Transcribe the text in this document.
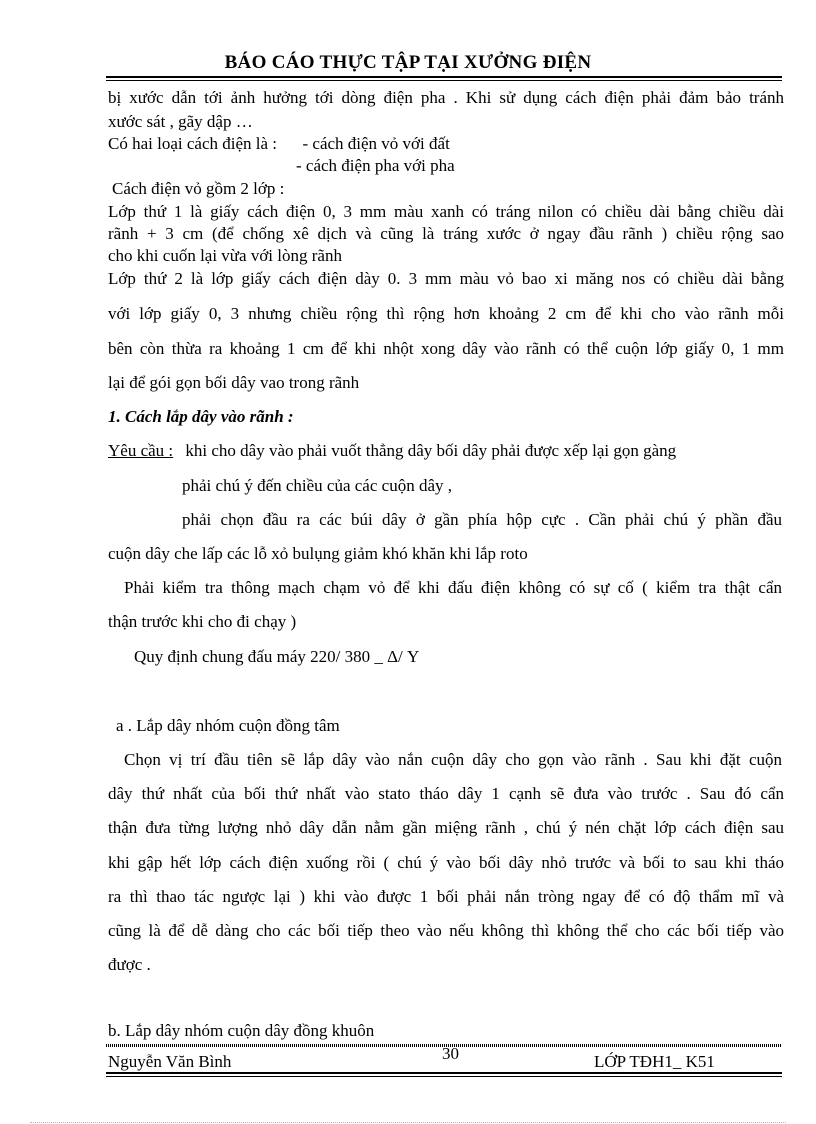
BÁO CÁO THỰC TẬP TẠI XƯỞNG ĐIỆN
bị xước dẫn tới ảnh hưởng tới dòng điện pha . Khi sử dụng cách điện phải đảm bảo tránh
xước sát , gãy dập …
Có hai loại cách điện là :      - cách điện vỏ với đất
- cách điện pha với pha
Cách điện vỏ gồm 2 lớp :
Lớp thứ 1 là giấy cách điện 0, 3 mm màu xanh có tráng nilon có chiều dài bằng chiều dài
rãnh + 3 cm (để chống xê dịch và cũng là tráng xước ở ngay đầu rãnh ) chiều rộng sao
cho khi cuốn lại vừa với lòng rãnh
Lớp thứ 2 là lớp giấy cách điện dày 0. 3 mm màu vỏ bao xi măng nos có chiều dài bằng
với lớp giấy 0, 3 nhưng chiều rộng thì rộng hơn khoảng 2 cm để khi cho vào rãnh mỗi
bên còn thừa ra khoảng 1 cm để khi nhột xong dây vào rãnh có thể cuộn lớp giấy 0, 1 mm
lại để gói gọn bối dây vao trong rãnh
1. Cách lắp dây vào rãnh :
Yêu cầu : khi cho dây vào phải vuốt thẳng dây bối dây phải được xếp lại gọn gàng
phải chú ý đến chiều của các cuộn dây ,
phải chọn đầu ra các búi dây ở gần phía hộp cực . Cần phải chú ý phần đầu
cuộn dây che lấp các lỗ xỏ bulụng giảm khó khăn khi lắp roto
Phải kiểm tra thông mạch chạm vỏ để khi đấu điện không có sự cố ( kiểm tra thật cẩn
thận trước khi cho đi chạy )
Quy định chung đấu máy 220/ 380 _ Δ/ Y
a . Lắp dây nhóm cuộn đồng tâm
Chọn vị trí đầu tiên sẽ lắp dây vào nắn cuộn dây cho gọn vào rãnh . Sau khi đặt cuộn
dây thứ nhất của bối thứ nhất vào stato tháo dây 1 cạnh sẽ đưa vào trước . Sau đó cẩn
thận đưa từng lượng nhỏ dây dẫn nằm gần miệng rãnh , chú ý nén chặt lớp cách điện sau
khi gập hết lớp cách điện xuống rồi ( chú ý vào bối dây nhỏ trước và bối to sau khi tháo
ra thì thao tác ngược lại ) khi vào được 1 bối phải nắn tròng ngay để có độ thẩm mĩ và
cũng là để dễ dàng cho các bối tiếp theo vào nếu không thì không thể cho các bối tiếp vào
được .
b. Lắp dây nhóm cuộn dây đồng khuôn
Nguyễn Văn Bình	30	LỚP TĐH1_ K51
